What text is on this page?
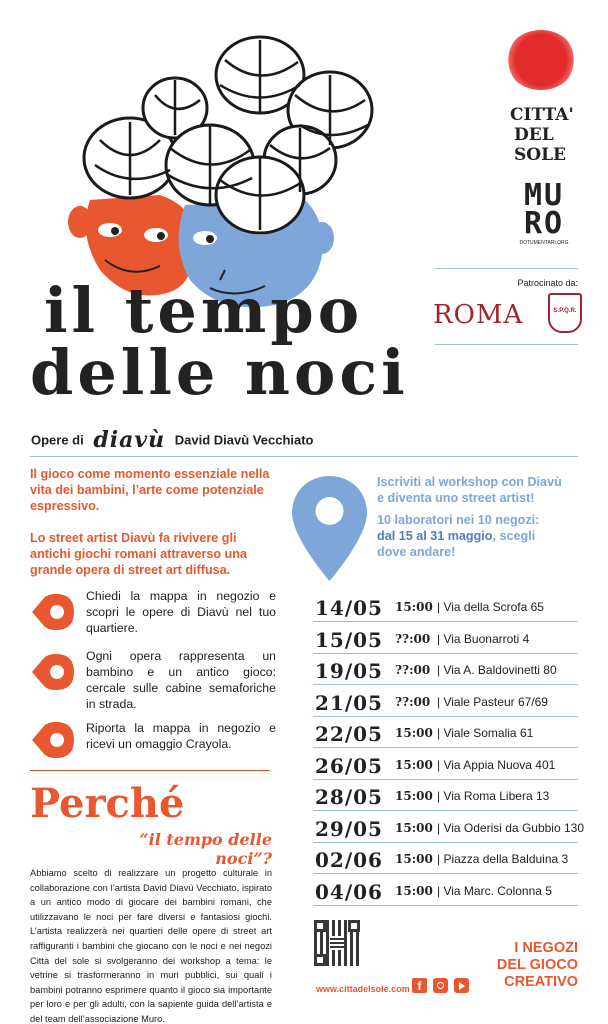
il tempo
delle noci
Opere di diavù David Diavù Vecchiato
CITTA'
DEL
SOLE
MU
RO
DOTUMENTARI.ORG
Patrocinato da:
ROMA	S.P.Q.R.
Il gioco come momento essenziale nella vita dei bambini, l’arte come potenziale espressivo.
Lo street artist Diavù fa rivivere gli antichi giochi romani attraverso una grande opera di street art diffusa.
Chiedi la mappa in negozio e scopri le opere di Diavù nel tuo quartiere.
Ogni opera rappresenta un bambino e un antico gioco: cercale sulle cabine semaforiche in strada.
Riporta la mappa in negozio e ricevi un omaggio Crayola.
Perché
“il tempo delle noci”?
Abbiamo scelto di realizzare un progetto culturale in collaborazione con l’artista David Diavù Vecchiato, ispirato a un antico modo di giocare dei bambini romani, che utilizzavano le noci per fare diversi e fantasiosi giochi. L’artista realizzerà nei quartieri delle opere di street art raffiguranti i bambini che giocano con le noci e nei negozi Città del sole si svolgeranno dei workshop a tema: le vetrine si trasformeranno in muri pubblici, sui quali i bambini potranno esprimere quanto il gioco sia importante per loro e per gli adulti, con la sapiente guida dell’artista e del team dell’associazione Muro.
Iscriviti al workshop con Diavù
e diventa uno street artist!
10 laboratori nei 10 negozi:
dal 15 al 31 maggio, scegli
dove andare!
14/05 15:00 | Via della Scrofa 65
15/05 ??:00 | Via Buonarroti 4
19/05 ??:00 | Via A. Baldovinetti 80
21/05 ??:00 | Viale Pasteur 67/69
22/05 15:00 | Viale Somalia 61
26/05 15:00 | Via Appia Nuova 401
28/05 15:00 | Via Roma Libera 13
29/05 15:00 | Via Oderisi da Gubbio 130
02/06 15:00 | Piazza della Balduina 3
04/06 15:00 | Via Marc. Colonna 5
www.cittadelsole.com f
I NEGOZI
DEL GIOCO
CREATIVO
